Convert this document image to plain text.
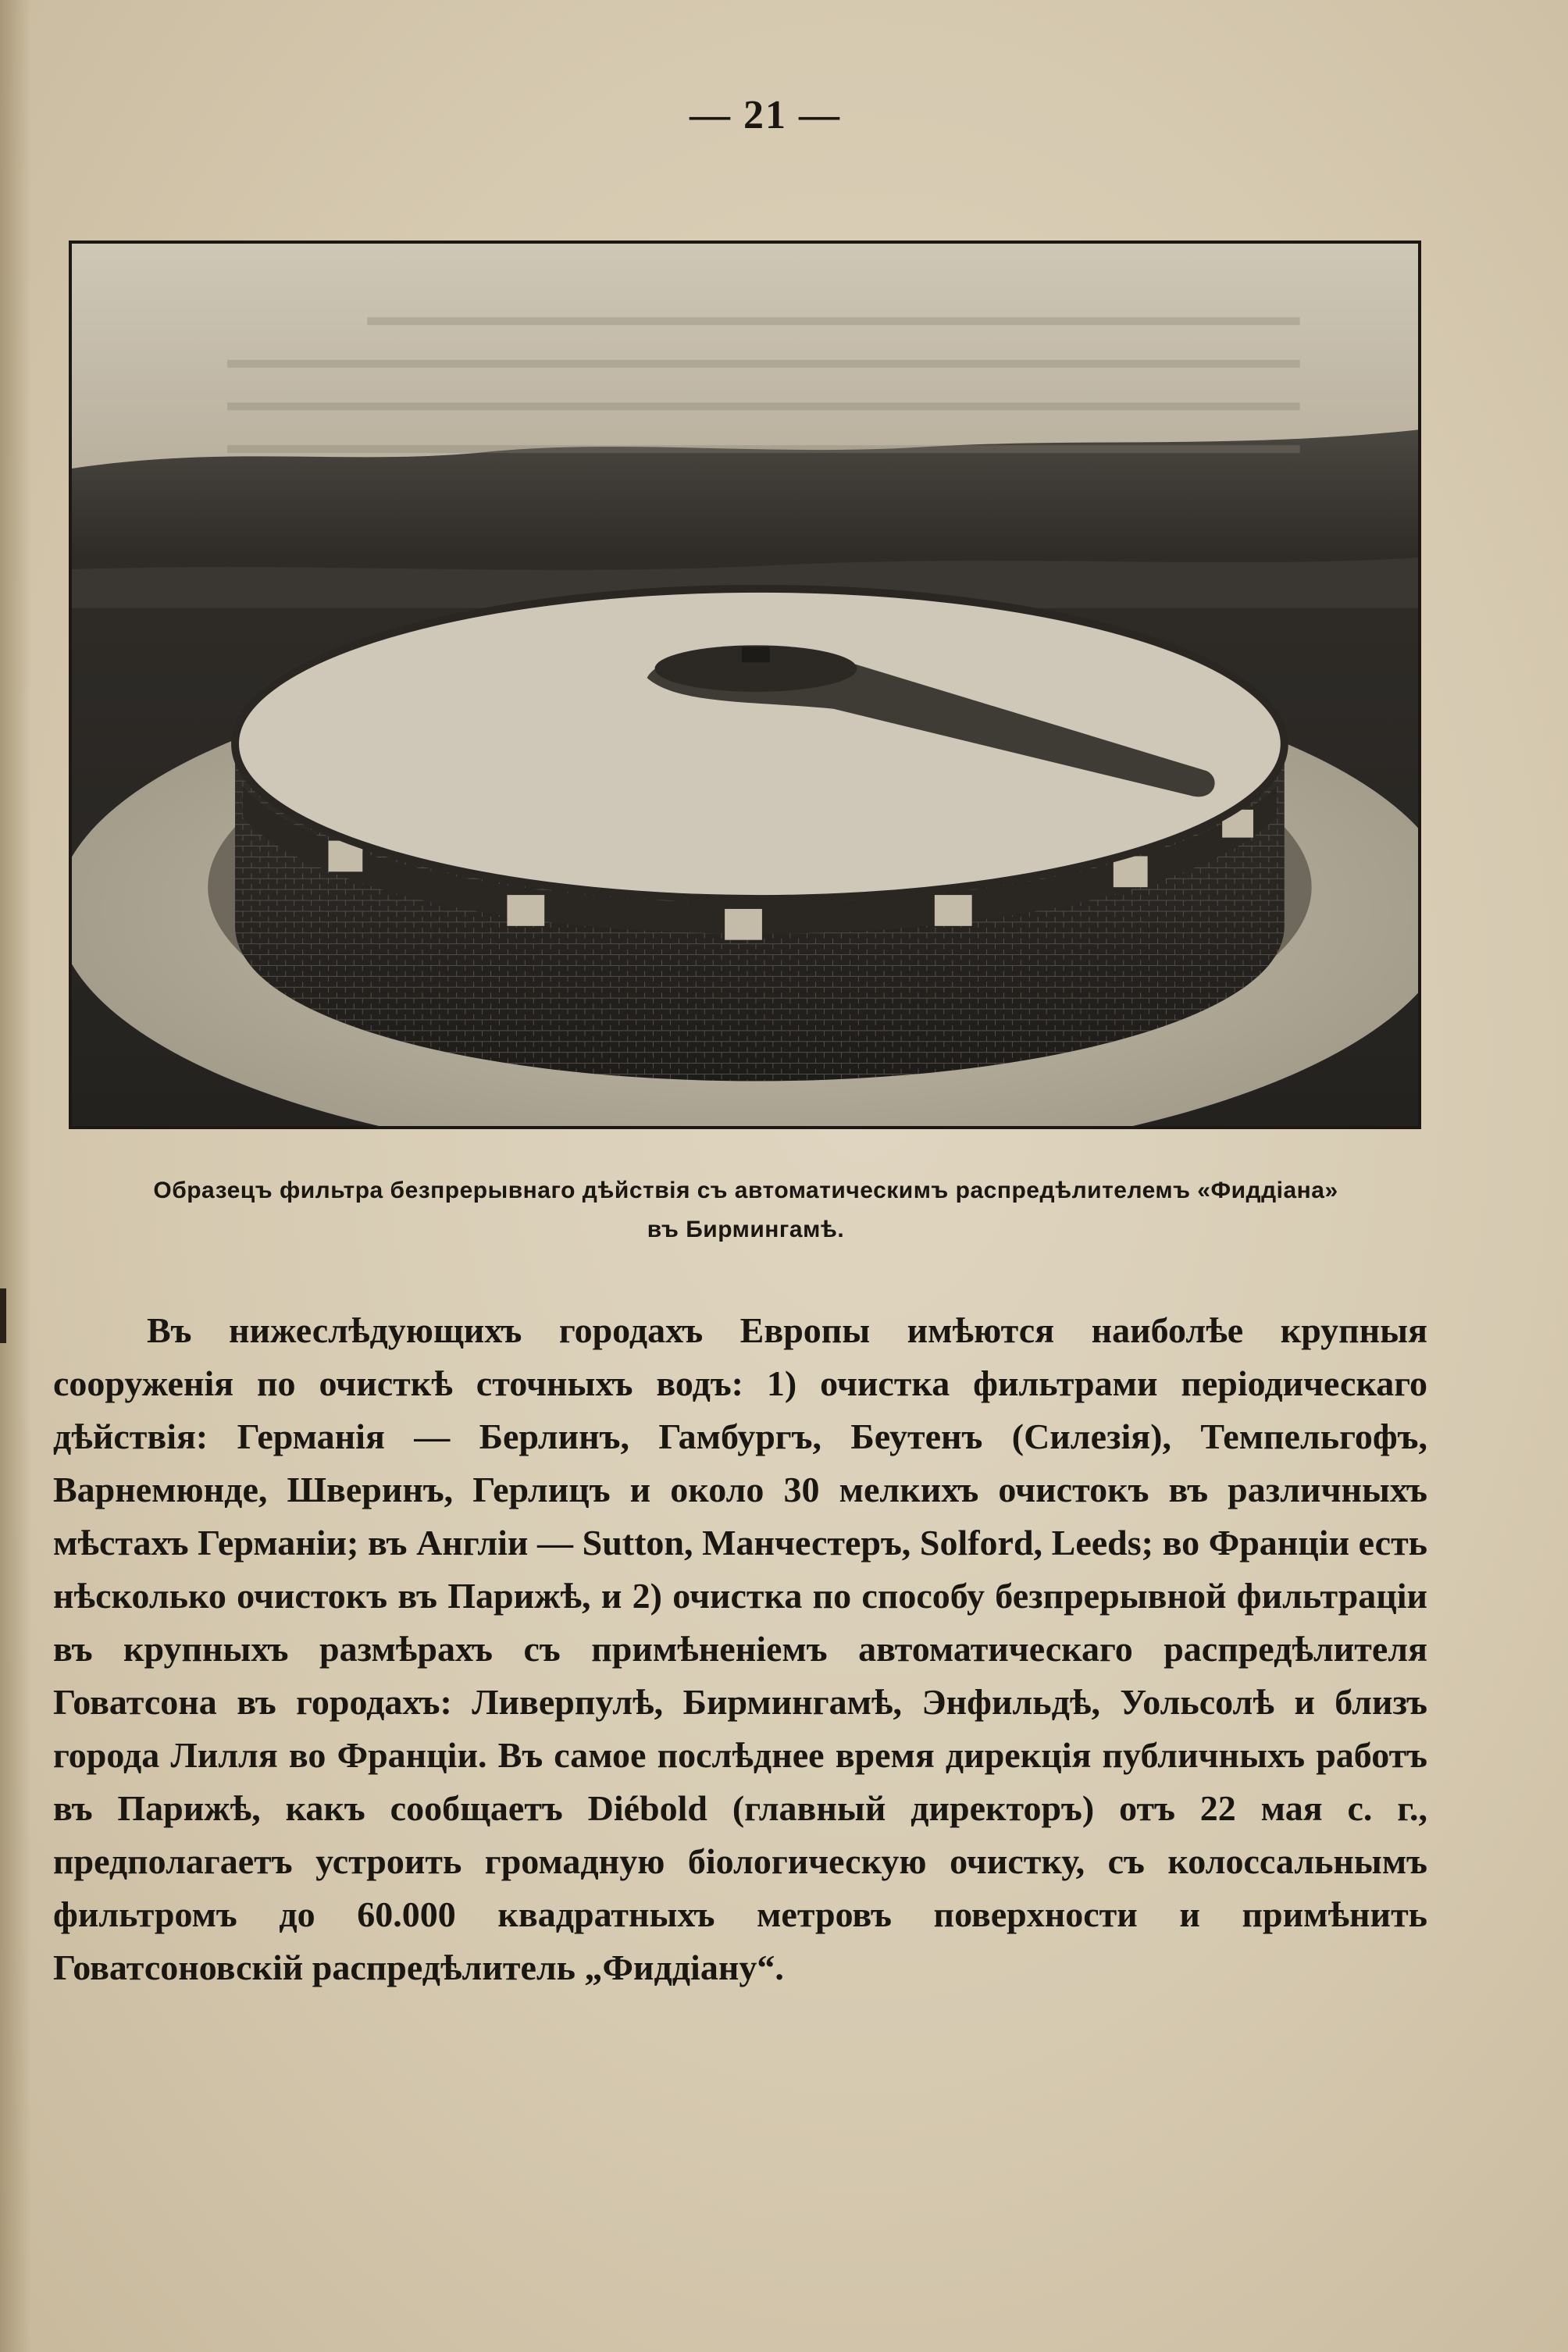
— 21 —
Образецъ фильтра безпрерывнаго дѣйствія съ автоматическимъ распредѣлителемъ «Фиддіана»
въ Бирмингамѣ.

Въ нижеслѣдующихъ городахъ Европы имѣются наиболѣе крупныя сооруженія по очисткѣ сточныхъ водъ: 1) очистка фильтрами періодическаго дѣйствія: Германія — Берлинъ, Гамбургъ, Беутенъ (Силезія), Темпельгофъ, Варнемюнде, Шверинъ, Герлицъ и около 30 мелкихъ очистокъ въ различныхъ мѣстахъ Германіи; въ Англіи — Sutton, Манчестеръ, Solford, Leeds; во Франціи есть нѣсколько очистокъ въ Парижѣ, и 2) очистка по способу безпрерывной фильтраціи въ крупныхъ размѣрахъ съ примѣненіемъ автоматическаго распредѣлителя Говатсона въ городахъ: Ливерпулѣ, Бирмингамѣ, Энфильдѣ, Уольсолѣ и близъ города Лилля во Франціи. Въ самое послѣднее время дирекція публичныхъ работъ въ Парижѣ, какъ сообщаетъ Diébold (главный директоръ) отъ 22 мая с. г., предполагаетъ устроить громадную біологическую очистку, съ колоссальнымъ фильтромъ до 60.000 квадратныхъ метровъ поверхности и примѣнить Говатсоновскій распредѣлитель „Фиддіану“.
